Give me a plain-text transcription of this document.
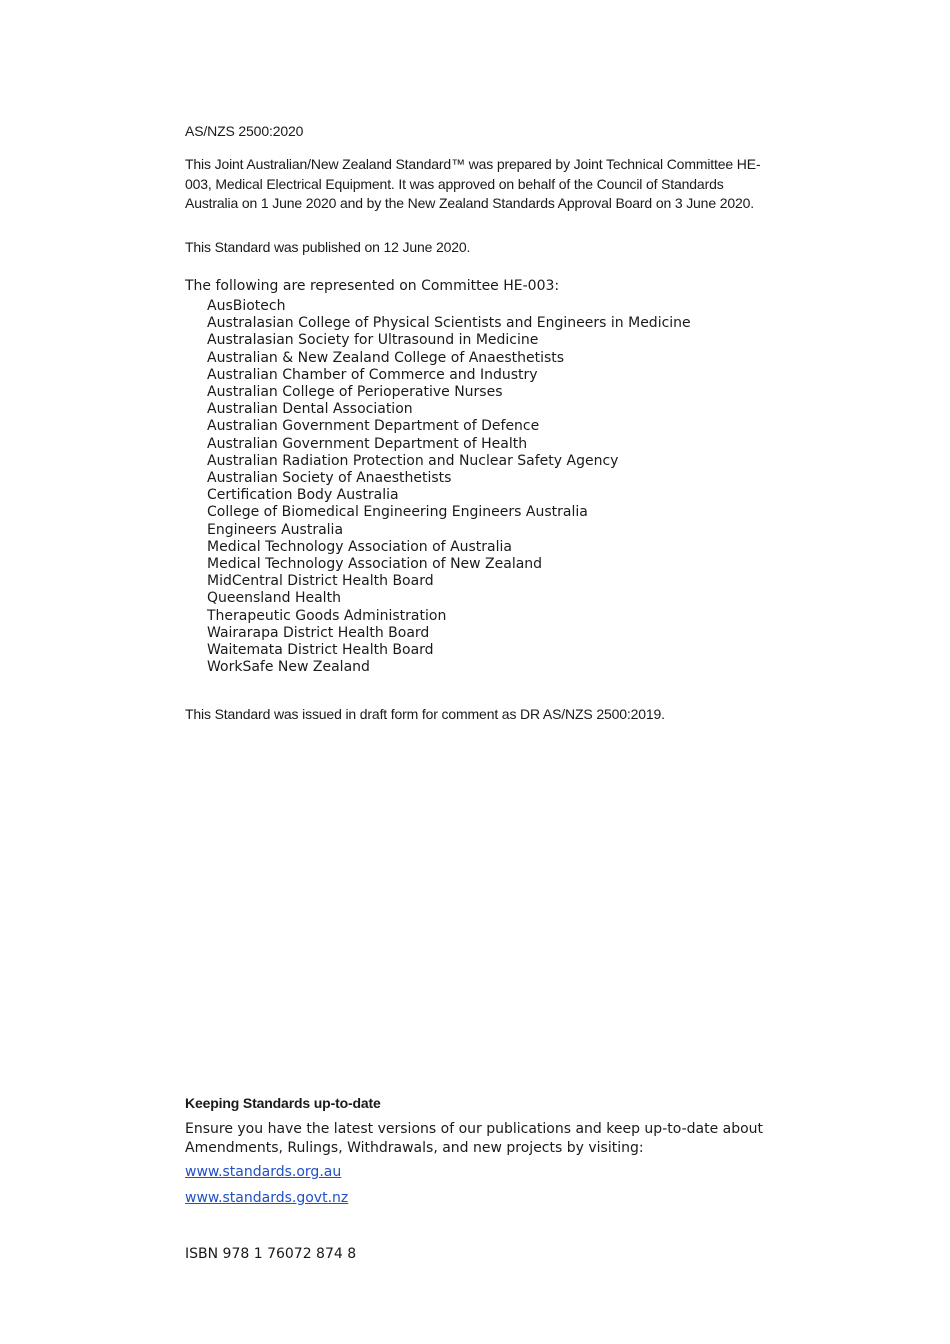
AS/NZS 2500:2020

This Joint Australian/New Zealand Standard™ was prepared by Joint Technical Committee HE-003, Medical Electrical Equipment. It was approved on behalf of the Council of Standards Australia on 1 June 2020 and by the New Zealand Standards Approval Board on 3 June 2020.

This Standard was published on 12 June 2020.

The following are represented on Committee HE-003:

AusBiotech
Australasian College of Physical Scientists and Engineers in Medicine
Australasian Society for Ultrasound in Medicine
Australian & New Zealand College of Anaesthetists
Australian Chamber of Commerce and Industry
Australian College of Perioperative Nurses
Australian Dental Association
Australian Government Department of Defence
Australian Government Department of Health
Australian Radiation Protection and Nuclear Safety Agency
Australian Society of Anaesthetists
Certification Body Australia
College of Biomedical Engineering Engineers Australia
Engineers Australia
Medical Technology Association of Australia
Medical Technology Association of New Zealand
MidCentral District Health Board
Queensland Health
Therapeutic Goods Administration
Wairarapa District Health Board
Waitemata District Health Board
WorkSafe New Zealand

This Standard was issued in draft form for comment as DR AS/NZS 2500:2019.

Keeping Standards up-to-date

Ensure you have the latest versions of our publications and keep up-to-date about Amendments, Rulings, Withdrawals, and new projects by visiting:

www.standards.org.au
www.standards.govt.nz

ISBN 978 1 76072 874 8
